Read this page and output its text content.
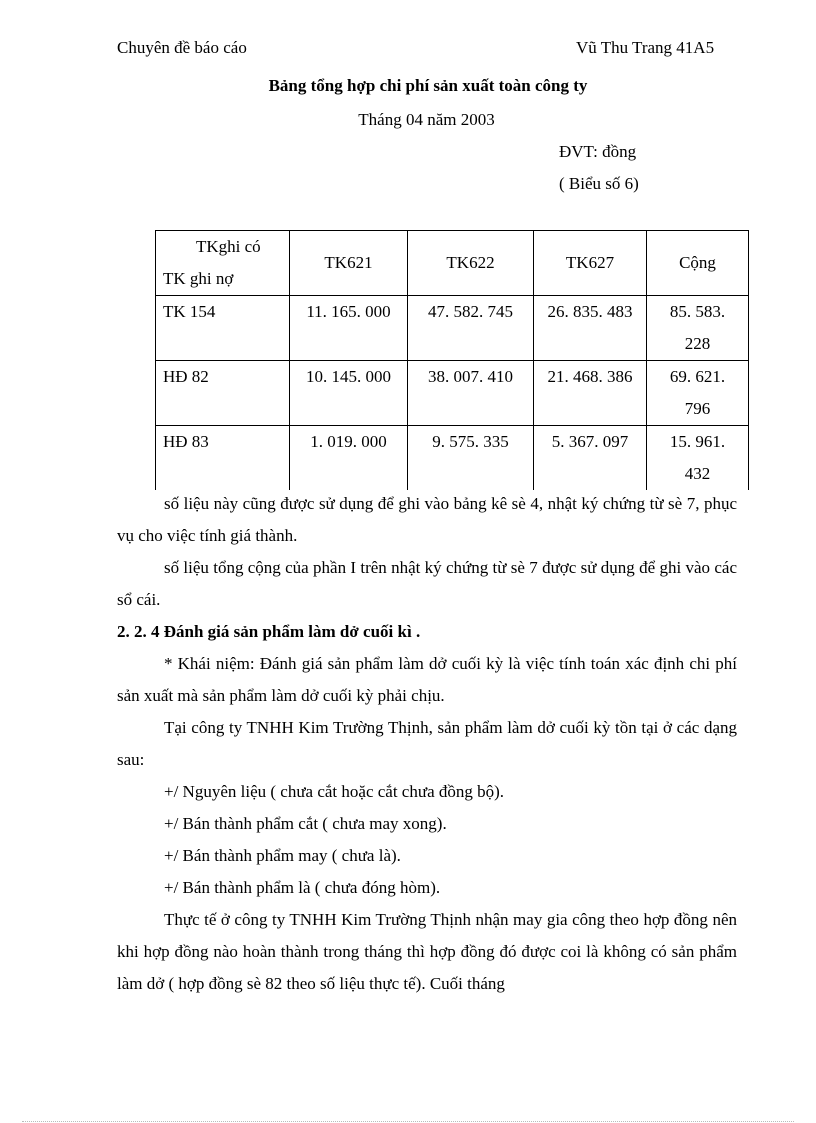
Chuyên đề báo cáo	Vũ Thu Trang 41A5
Bảng tổng hợp chi phí sản xuất toàn công ty
Tháng 04 năm 2003
ĐVT: đồng
( Biểu số 6)
TKghi có
TK ghi nợ	TK621	TK622	TK627	Cộng
TK 154	11. 165. 000	47. 582. 745	26. 835. 483	85. 583.
228

HĐ 82	10. 145. 000	38. 007. 410	21. 468. 386	69. 621.
796

HĐ 83	1. 019. 000	9. 575. 335	5. 367. 097	15. 961.
432

số liệu này cũng được sử dụng để ghi vào bảng kê sè 4, nhật ký chứng từ sè 7, phục vụ cho việc tính giá thành.

số liệu tổng cộng của phần I trên nhật ký chứng từ sè 7 được sử dụng để ghi vào các sổ cái.

2. 2. 4 Đánh giá sản phẩm làm dở cuối kì .

* Khái niệm: Đánh giá sản phẩm làm dở cuối kỳ là việc tính toán xác định chi phí sản xuất mà sản phẩm làm dở cuối kỳ phải chịu.

Tại công ty TNHH Kim Trường Thịnh, sản phẩm làm dở cuối kỳ tồn tại ở các dạng sau:

+/ Nguyên liệu ( chưa cắt hoặc cắt chưa đồng bộ).

+/ Bán thành phẩm cắt ( chưa may xong).

+/ Bán thành phẩm may ( chưa là).

+/ Bán thành phẩm là ( chưa đóng hòm).

Thực tế ở công ty TNHH Kim Trường Thịnh nhận may gia công theo hợp đồng nên khi hợp đồng nào hoàn thành trong tháng thì hợp đồng đó được coi là không có sản phẩm làm dở ( hợp đồng sè 82 theo số liệu thực tế). Cuối tháng
